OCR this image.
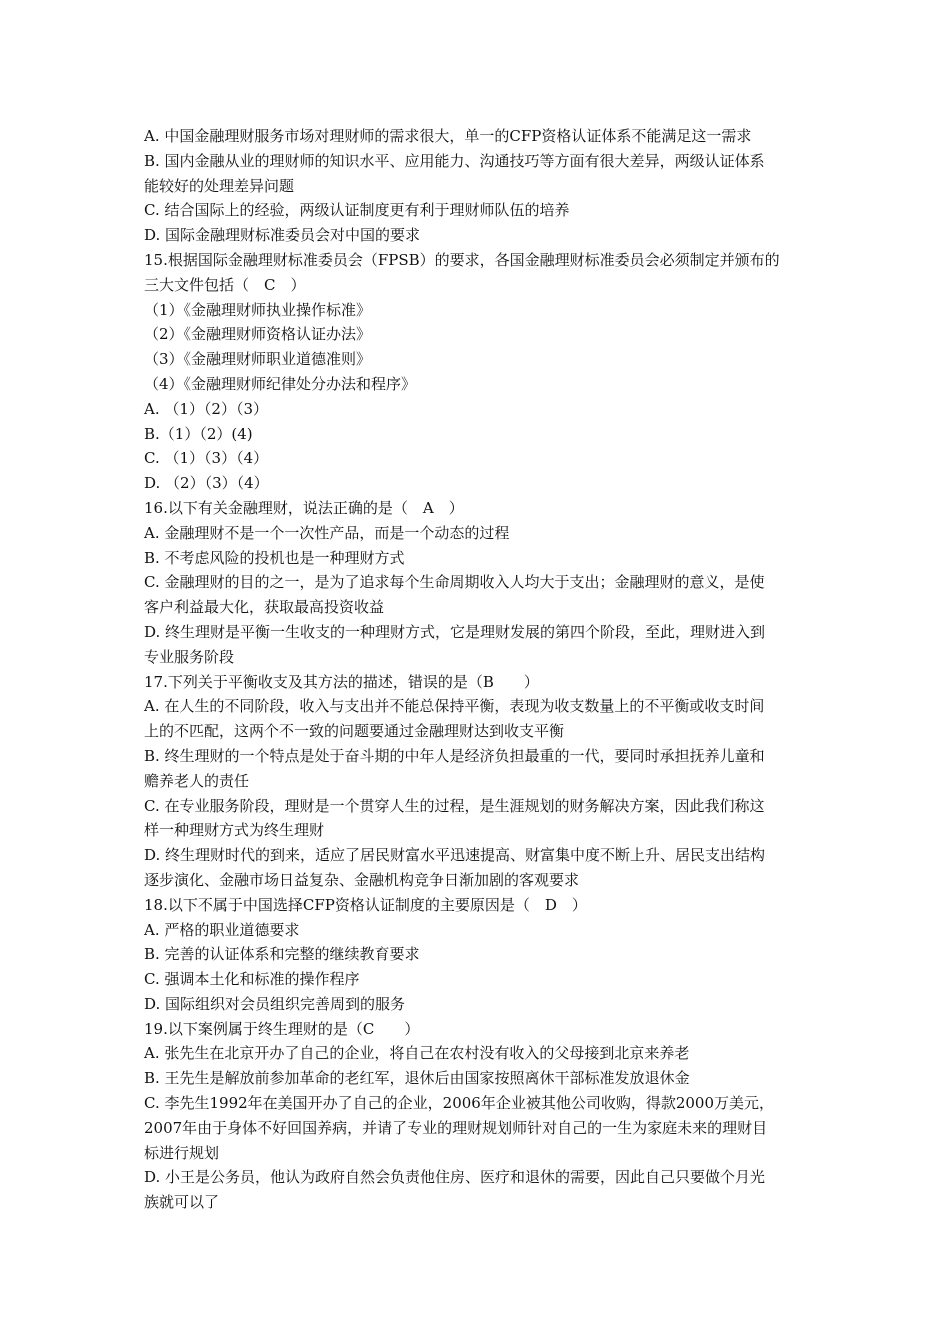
A. 中国金融理财服务市场对理财师的需求很大，单一的CFP资格认证体系不能满足这一需求
B. 国内金融从业的理财师的知识水平、应用能力、沟通技巧等方面有很大差异，两级认证体系
能较好的处理差异问题
C. 结合国际上的经验，两级认证制度更有利于理财师队伍的培养
D. 国际金融理财标准委员会对中国的要求
15.根据国际金融理财标准委员会（FPSB）的要求，各国金融理财标准委员会必须制定并颁布的
三大文件包括（　C　）
（1）《金融理财师执业操作标准》
（2）《金融理财师资格认证办法》
（3）《金融理财师职业道德准则》
（4）《金融理财师纪律处分办法和程序》
A. （1）（2）（3）
B.（1）（2）(4)
C. （1）（3）（4）
D. （2）（3）（4）
16.以下有关金融理财，说法正确的是（　A　）
A. 金融理财不是一个一次性产品，而是一个动态的过程
B. 不考虑风险的投机也是一种理财方式
C. 金融理财的目的之一，是为了追求每个生命周期收入人均大于支出；金融理财的意义，是使
客户利益最大化，获取最高投资收益
D. 终生理财是平衡一生收支的一种理财方式，它是理财发展的第四个阶段，至此，理财进入到
专业服务阶段
17.下列关于平衡收支及其方法的描述，错误的是（B　　）
A. 在人生的不同阶段，收入与支出并不能总保持平衡，表现为收支数量上的不平衡或收支时间
上的不匹配，这两个不一致的问题要通过金融理财达到收支平衡
B. 终生理财的一个特点是处于奋斗期的中年人是经济负担最重的一代，要同时承担抚养儿童和
赡养老人的责任
C. 在专业服务阶段，理财是一个贯穿人生的过程，是生涯规划的财务解决方案，因此我们称这
样一种理财方式为终生理财
D. 终生理财时代的到来，适应了居民财富水平迅速提高、财富集中度不断上升、居民支出结构
逐步演化、金融市场日益复杂、金融机构竞争日渐加剧的客观要求
18.以下不属于中国选择CFP资格认证制度的主要原因是（　D　）
A. 严格的职业道德要求
B. 完善的认证体系和完整的继续教育要求
C. 强调本土化和标准的操作程序
D. 国际组织对会员组织完善周到的服务
19.以下案例属于终生理财的是（C　　）
A. 张先生在北京开办了自己的企业，将自己在农村没有收入的父母接到北京来养老
B. 王先生是解放前参加革命的老红军，退休后由国家按照离休干部标准发放退休金
C. 李先生1992年在美国开办了自己的企业，2006年企业被其他公司收购，得款2000万美元，
2007年由于身体不好回国养病，并请了专业的理财规划师针对自己的一生为家庭未来的理财目
标进行规划
D. 小王是公务员，他认为政府自然会负责他住房、医疗和退休的需要，因此自己只要做个月光
族就可以了
